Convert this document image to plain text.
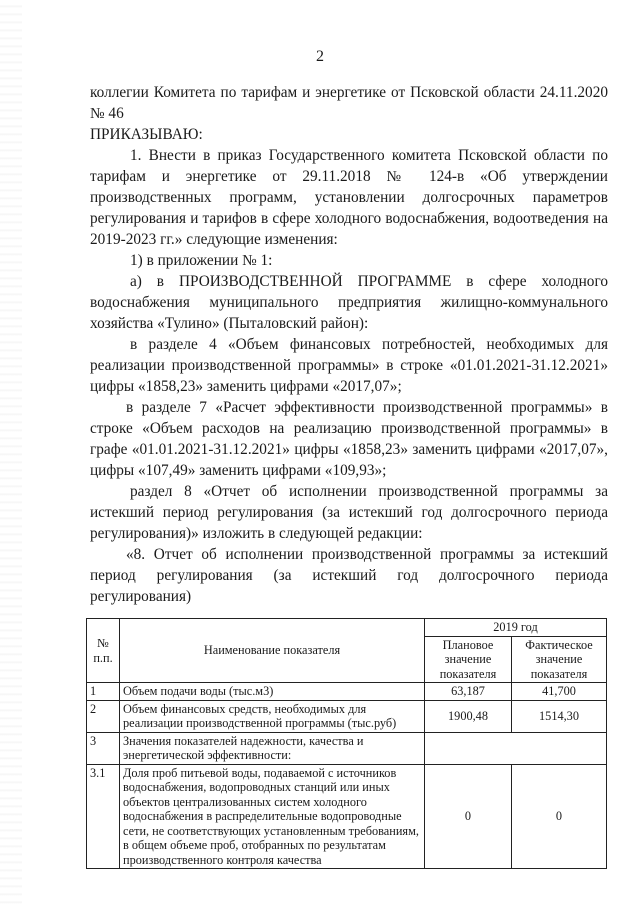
2

коллегии Комитета по тарифам и энергетике от Псковской области 24.11.2020 № 46

ПРИКАЗЫВАЮ:

1. Внести в приказ Государственного комитета Псковской области по тарифам и энергетике от 29.11.2018 № 124-в «Об утверждении производственных программ, установлении долгосрочных параметров регулирования и тарифов в сфере холодного водоснабжения, водоотведения на 2019-2023 гг.» следующие изменения:

1) в приложении № 1:

а) в ПРОИЗВОДСТВЕННОЙ ПРОГРАММЕ в сфере холодного водоснабжения муниципального предприятия жилищно-коммунального хозяйства «Тулино» (Пыталовский район):

в разделе 4 «Объем финансовых потребностей, необходимых для реализации производственной программы» в строке «01.01.2021-31.12.2021» цифры «1858,23» заменить цифрами «2017,07»;

в разделе 7 «Расчет эффективности производственной программы» в строке «Объем расходов на реализацию производственной программы» в графе «01.01.2021-31.12.2021» цифры «1858,23» заменить цифрами «2017,07», цифры «107,49» заменить цифрами «109,93»;

раздел 8 «Отчет об исполнении производственной программы за истекший период регулирования (за истекший год долгосрочного периода регулирования)» изложить в следующей редакции:

«8. Отчет об исполнении производственной программы за истекший период регулирования (за истекший год долгосрочного периода регулирования)

№ п.п.	Наименование показателя	2019 год	
		Плановое значение показателя	Фактическое значение показателя
1	Объем подачи воды (тыс.м3)	63,187	41,700
2	Объем финансовых средств, необходимых для реализации производственной программы (тыс.руб)	1900,48	1514,30
3	Значения показателей надежности, качества и энергетической эффективности:		
3.1	Доля проб питьевой воды, подаваемой с источников водоснабжения, водопроводных станций или иных объектов централизованных систем холодного водоснабжения в распределительные водопроводные сети, не соответствующих установленным требованиям, в общем объеме проб, отобранных по результатам производственного контроля качества	0	0
